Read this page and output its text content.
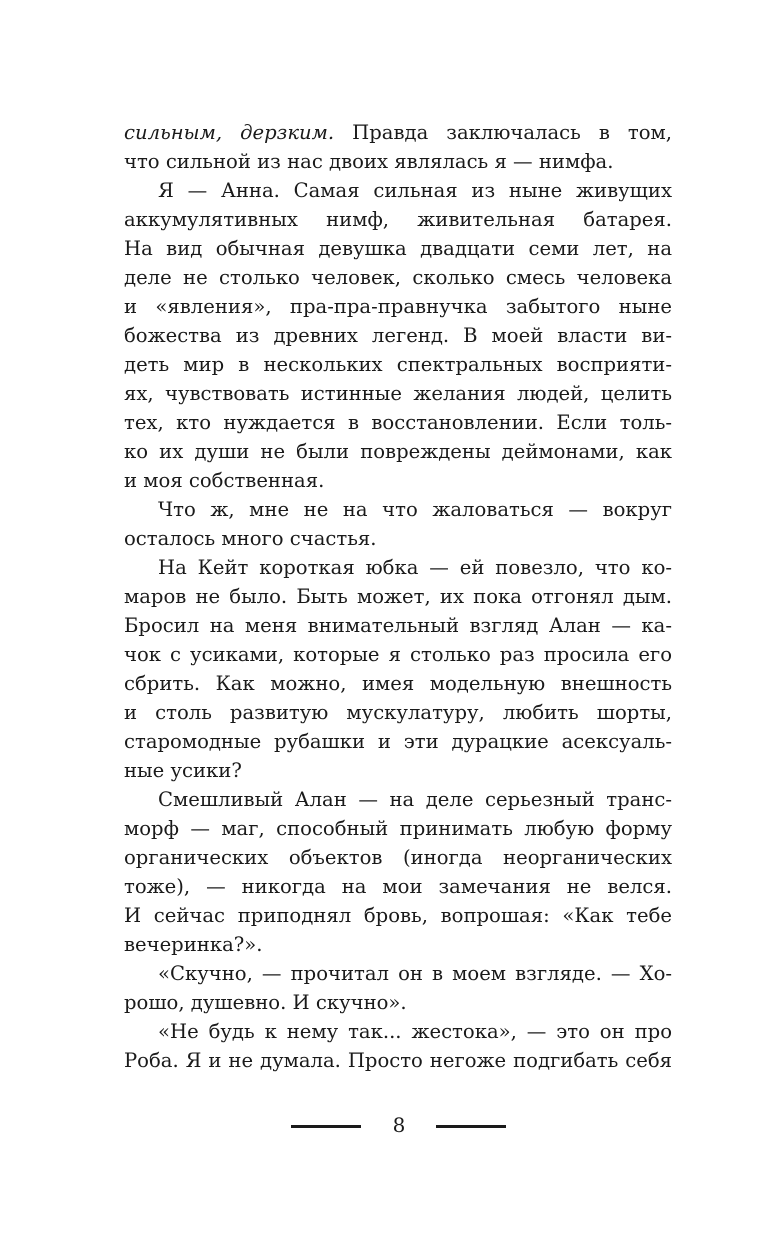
сильным, дерзким. Правда заключалась в том,
что сильной из нас двоих являлась я — нимфа.
Я — Анна. Самая сильная из ныне живущих
аккумулятивных нимф, живительная батарея.
На вид обычная девушка двадцати семи лет, на
деле не столько человек, сколько смесь человека
и «явления», пра-пра-правнучка забытого ныне
божества из древних легенд. В моей власти ви-
деть мир в нескольких спектральных восприяти-
ях, чувствовать истинные желания людей, целить
тех, кто нуждается в восстановлении. Если толь-
ко их души не были повреждены деймонами, как
и моя собственная.
Что ж, мне не на что жаловаться — вокруг
осталось много счастья.
На Кейт короткая юбка — ей повезло, что ко-
маров не было. Быть может, их пока отгонял дым.
Бросил на меня внимательный взгляд Алан — ка-
чок с усиками, которые я столько раз просила его
сбрить. Как можно, имея модельную внешность
и столь развитую мускулатуру, любить шорты,
старомодные рубашки и эти дурацкие асексуаль-
ные усики?
Смешливый Алан — на деле серьезный транс-
морф — маг, способный принимать любую форму
органических объектов (иногда неорганических
тоже), — никогда на мои замечания не велся.
И сейчас приподнял бровь, вопрошая: «Как тебе
вечеринка?».
«Скучно, — прочитал он в моем взгляде. — Хо-
рошо, душевно. И скучно».
«Не будь к нему так... жестока», — это он про
Роба. Я и не думала. Просто негоже подгибать себя
8
